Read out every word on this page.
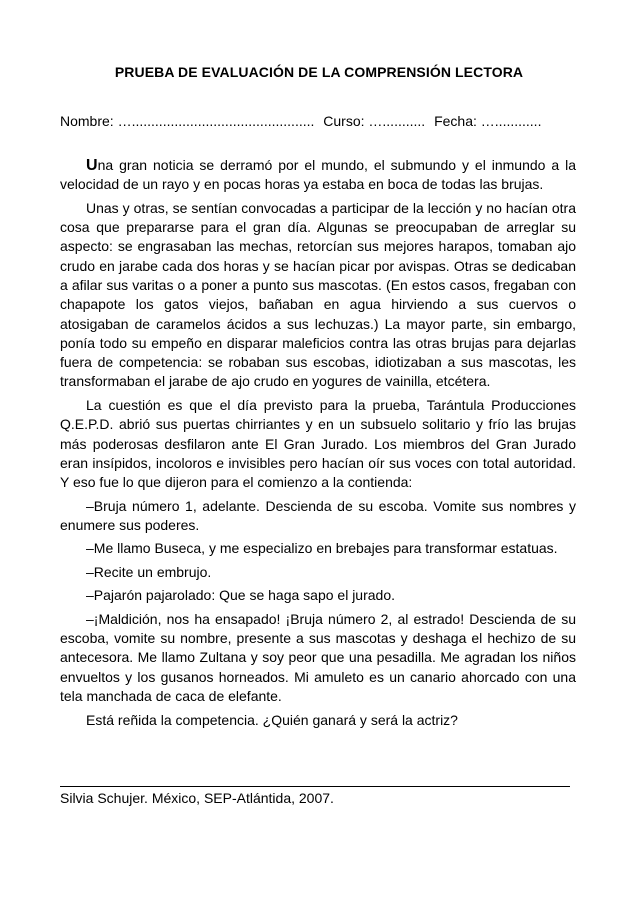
PRUEBA DE EVALUACIÓN DE LA COMPRENSIÓN LECTORA
Nombre: …............................................... Curso: …........... Fecha: …............

Una gran noticia se derramó por el mundo, el submundo y el inmundo a la velocidad de un rayo y en pocas horas ya estaba en boca de todas las brujas.

Unas y otras, se sentían convocadas a participar de la lección y no hacían otra cosa que prepararse para el gran día. Algunas se preocupaban de arreglar su aspecto: se engrasaban las mechas, retorcían sus mejores harapos, tomaban ajo crudo en jarabe cada dos horas y se hacían picar por avispas. Otras se dedicaban a afilar sus varitas o a poner a punto sus mascotas. (En estos casos, fregaban con chapapote los gatos viejos, bañaban en agua hirviendo a sus cuervos o atosigaban de caramelos ácidos a sus lechuzas.) La mayor parte, sin embargo, ponía todo su empeño en disparar maleficios contra las otras brujas para dejarlas fuera de competencia: se robaban sus escobas, idiotizaban a sus mascotas, les transformaban el jarabe de ajo crudo en yogures de vainilla, etcétera.

La cuestión es que el día previsto para la prueba, Tarántula Producciones Q.E.P.D. abrió sus puertas chirriantes y en un subsuelo solitario y frío las brujas más poderosas desfilaron ante El Gran Jurado. Los miembros del Gran Jurado eran insípidos, incoloros e invisibles pero hacían oír sus voces con total autoridad. Y eso fue lo que dijeron para el comienzo a la contienda:

–Bruja número 1, adelante. Descienda de su escoba. Vomite sus nombres y enumere sus poderes.

–Me llamo Buseca, y me especializo en brebajes para transformar estatuas.

–Recite un embrujo.

–Pajarón pajarolado: Que se haga sapo el jurado.

–¡Maldición, nos ha ensapado! ¡Bruja número 2, al estrado! Descienda de su escoba, vomite su nombre, presente a sus mascotas y deshaga el hechizo de su antecesora. Me llamo Zultana y soy peor que una pesadilla. Me agradan los niños envueltos y los gusanos horneados. Mi amuleto es un canario ahorcado con una tela manchada de caca de elefante.

Está reñida la competencia. ¿Quién ganará y será la actriz?

Silvia Schujer. México, SEP-Atlántida, 2007.
